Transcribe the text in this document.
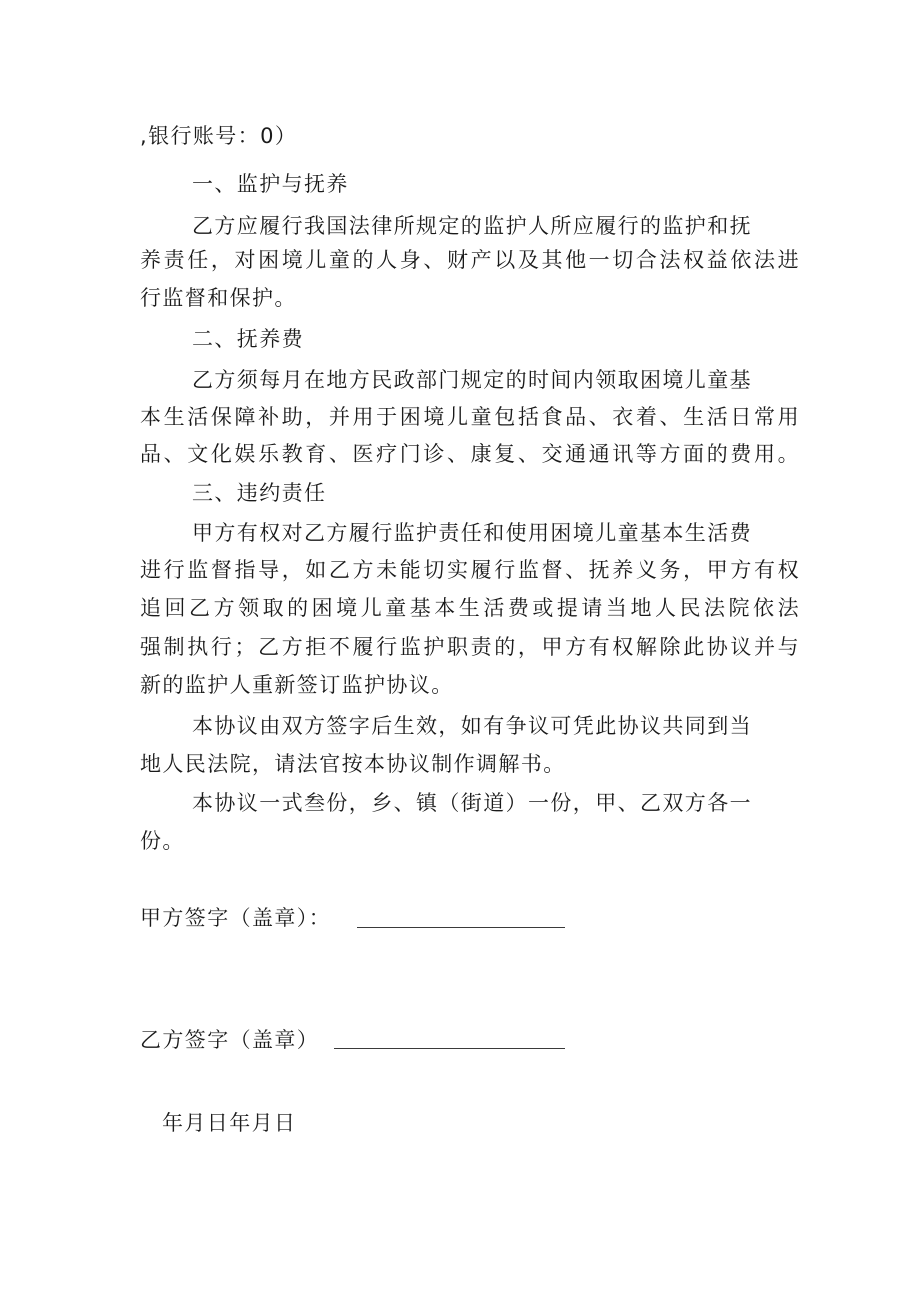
,银行账号：0）
一、监护与抚养
乙方应履行我国法律所规定的监护人所应履行的监护和抚
养责任，对困境儿童的人身、财产以及其他一切合法权益依法进
行监督和保护。
二、抚养费
乙方须每月在地方民政部门规定的时间内领取困境儿童基
本生活保障补助，并用于困境儿童包括食品、衣着、生活日常用
品、文化娱乐教育、医疗门诊、康复、交通通讯等方面的费用。
三、违约责任
甲方有权对乙方履行监护责任和使用困境儿童基本生活费
进行监督指导，如乙方未能切实履行监督、抚养义务，甲方有权
追回乙方领取的困境儿童基本生活费或提请当地人民法院依法
强制执行；乙方拒不履行监护职责的，甲方有权解除此协议并与
新的监护人重新签订监护协议。
本协议由双方签字后生效，如有争议可凭此协议共同到当
地人民法院，请法官按本协议制作调解书。
本协议一式叁份，乡、镇（街道）一份，甲、乙双方各一
份。
甲方签字（盖章）：
乙方签字（盖章）
年月日年月日
